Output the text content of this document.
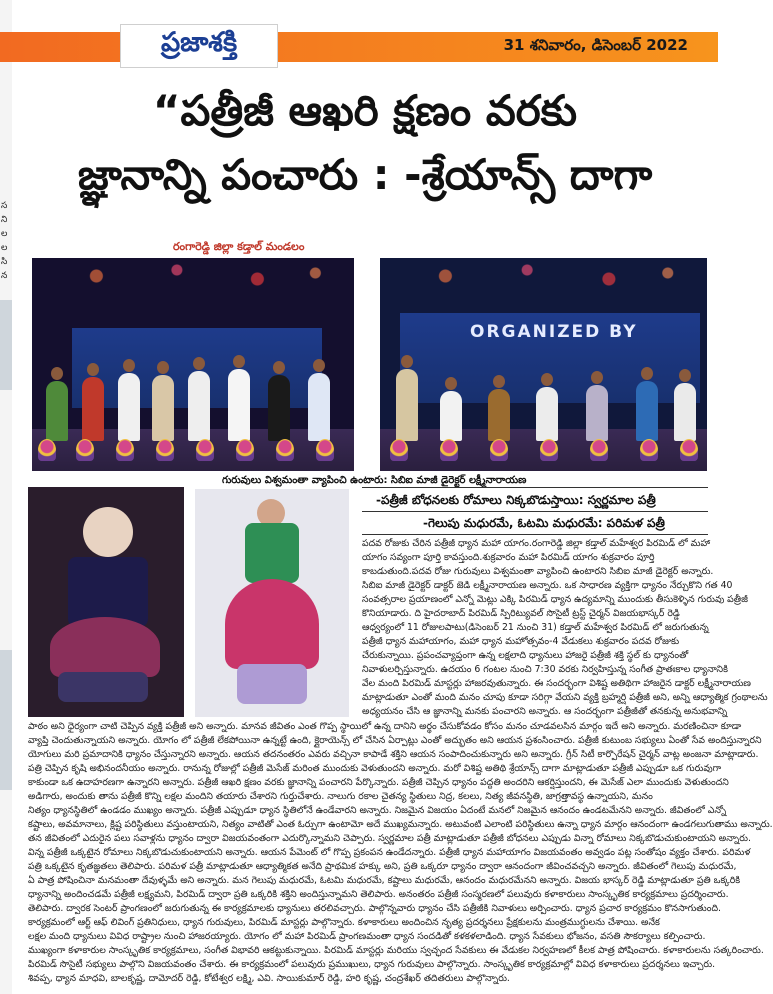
స
ని
ల
ల
సి
న
ప్రజాశక్తి	31 శనివారం, డిసెంబర్ 2022
“పత్రీజీ ఆఖరి క్షణం వరకు
జ్ఞానాన్ని పంచారు : -శ్రేయాన్స్ దాగా
రంగారెడ్డి జిల్లా కడ్తాల్ మండలం
ORGANIZED BY
గురువులు విశ్వమంతా వ్యాపించి ఉంటారు: సిబిఐ మాజీ డైరెక్టర్ లక్ష్మీనారాయణ
-పత్రీజీ బోధనలకు రోమాలు నిక్కబొడుస్తాయి: స్వర్ణమాల పత్రీ
-గెలుపు మధురమే, ఓటమి మధురమే: పరిమళ పత్రీ
పదవ రోజుకు చేరిన పత్రీజీ ధ్యాన మహా యాగం.రంగారెడ్డి జిల్లా కడ్తాల్ మహేశ్వర పిరమిడ్ లో మహా
యాగం సవ్యంగా పూర్తి కావస్తుంది.శుక్రవారం మహా పిరమిడ్ యాగం శుక్రవారం పూర్తి
కాబడుతుంది.పదవ రోజు గురువులు విశ్వమంతా వ్యాపించి ఉంటారని సిబిఐ మాజీ డైరెక్టర్ అన్నారు.
సిబిఐ మాజీ డైరెక్టర్ డాక్టర్ జెడి లక్ష్మీనారాయణ అన్నారు. ఒక సాధారణ వ్యక్తిగా ధ్యానం నేర్చుకొని గత 40
సంవత్సరాల ప్రయాణంలో ఎన్నో మెట్లు ఎక్కి పిరమిడ్ ధ్యాన ఉద్యమాన్ని ముందుకు తీసుకెళ్ళిన గురువు పత్రీజీ
కొనియాడారు. ది హైదరాబాద్ పిరమిడ్ స్పిరిట్యువల్ సొసైటీ ట్రస్ట్ చైర్మన్ విజయభాస్కర్ రెడ్డి
ఆధ్వర్యంలో 11 రోజులపాటు(డిసెంబర్ 21 నుంచి 31) కడ్తాల్ మహేశ్వర పిరమిడ్ లో జరుగుతున్న
పత్రీజీ ధ్యాన మహాయాగం, మహా ధ్యాన మహోత్సవం-4 వేడుకలు శుక్రవారం పదవ రోజుకు
చేరుకున్నాయి. ప్రపంచవ్యాప్తంగా ఉన్న లక్షలాది ధ్యానులు హాజరై పత్రీజీ శక్తి స్థల్ కు ధ్యానంతో
నివాళులర్పిస్తున్నారు. ఉదయం 6 గంటల నుంచి 7:30 వరకు నిర్వహిస్తున్న సంగీత ప్రాతఃకాల ధ్యానానికి
వేల మంది పిరమిడ్ మాస్టర్లు హాజరవుతున్నారు. ఈ సందర్భంగా విశిష్ట అతిథిగా హాజరైన డాక్టర్ లక్ష్మీనారాయణ
మాట్లాడుతూ ఎంతో మంది మనం చూపు కూడా సరిగ్గా వేయని వ్యక్తి బ్రహ్మర్షి పత్రీజీ అని, అన్ని ఆధ్యాత్మిక గ్రంథాలను
అధ్యయనం చేసి ఆ జ్ఞానాన్ని మనకు పంచారని అన్నారు. ఆ సందర్భంగా పత్రీజీతో తనకున్న అనుభవాన్ని
పాఠం అని ధైర్యంగా చాటి చెప్పిన వ్యక్తి పత్రీజీ అని అన్నారు. మానవ జీవితం ఎంత గొప్ప స్థాయిలో ఉన్న దానిని అర్థం చేసుకోవడం కోసం మనం చూడవలసిన మార్గం ఇదే అని అన్నారు. మరణించినా కూడా
వ్యాప్తి చెందుతున్నాయని అన్నారు. యోగం లో పత్రీజీ లేకపోయినా ఉన్నట్టే ఉంది, క్లైరాయెన్స్ లో చేసిన ఏర్పాట్లు ఎంతో అద్భుతం అని ఆయన ప్రశంసించారు. పత్రీజీ కుటుంబ సభ్యులు ఏంతో సేవ అందిస్తున్నారని
యోగులు మరి ప్రమాదానికి ధ్యానం చేస్తున్నారని అన్నారు. ఆయన తదనంతరం ఎవరు వచ్చినా కాపాడే శక్తిని ఆయన సంపాదించుకున్నారు అని అన్నారు. గ్రీన్ సిటీ కార్పొరేషన్ చైర్మన్ వాట్ల అంజనా మాట్లాడారు.
పత్రి చెప్పిన కృషి అభినందనీయం అన్నారు. రానున్న రోజుల్లో పత్రీజీ మెసేజ్ మరింత ముందుకు వెళుతుందని అన్నారు. మరో విశిష్ట అతిథి శ్రేయాన్స్ దాగా మాట్లాడుతూ పత్రీజీ ఎప్పుడూ ఒక గురువుగా
కాకుండా ఒక ఉదాహరణగా ఉన్నారని అన్నారు. పత్రీజీ ఆఖరి క్షణం వరకు జ్ఞానాన్ని పంచారని పేర్కొన్నారు. పత్రీజీ చెప్పిన ధ్యానం పద్దతి అందరిని ఆకర్షిస్తుందని, ఈ మెసేజ్ ఎలా ముందుకు వెళుతుందని
అడిగారు, అందుకు తాను పత్రీజీ కొన్ని లక్షల మందిని తయారు చేశారని గుర్తుచేశారు. నాలుగు రకాల చైతన్య స్థితులు నిద్ర, కలలు, నిత్య జీవనస్థితి, జాగ్రత్తావస్థ ఉన్నాయని, మనం
నిత్యం ధ్యానస్థితిలో ఉండడం ముఖ్యం అన్నారు. పత్రీజీ ఎప్పుడూ ధ్యాన స్థితిలోనే ఉండేవారని అన్నారు. నిజమైన విజయం ఏదంటే మనలో నిజమైన ఆనందం ఉండటమేనని అన్నారు. జీవితంలో ఎన్నో
కష్టాలు, అవమానాలు, క్లిష్ట పరిస్థితులు వస్తుంటాయని, నిత్యం వాటితో ఎంత ఓర్పుగా ఉంటామో అదే ముఖ్యమన్నారు. అటువంటి ఎలాంటి పరిస్థితులు ఉన్నా ధ్యాన మార్గం ఆనందంగా ఉండగలుగుతాము అన్నారు.
తన జీవితంలో ఎదురైన పలు సవాళ్లను ధ్యానం ద్వారా విజయవంతంగా ఎదుర్కొన్నామని చెప్పారు. స్వర్ణమాల పత్రీ మాట్లాడుతూ పత్రీజీ బోధనలు ఎప్పుడు విన్నా రోమాలు నిక్కబొడుచుకుంటాయని అన్నారు.
విన్న పత్రీజీ ఒక్కటైన రోమాలు నిక్కబొడుచుకుంటాయని అన్నారు. ఆయన పేమెంట్ లో గొప్ప ప్రకంపన ఉండేదన్నారు. పత్రీజీ ధ్యాన మహాయాగం విజయవంతం అవ్వడం పట్ల సంతోషం వ్యక్తం చేశారు. పరిమళ
పత్రి ఒక్కటైన కృతజ్ఞతలు తెలిపారు. పరిమళ పత్రీ మాట్లాడుతూ ఆధ్యాత్మికత అనేది ప్రాథమిక హక్కు అని, ప్రతి ఒక్కరూ ధ్యానం ద్వారా ఆనందంగా జీవించవచ్చని అన్నారు. జీవితంలో గెలుపు మధురమే,
ఏ పాత్ర పోషించినా మనమంతా దేవుళ్ళమే అని అన్నారు. మన గెలుపు మధురమే, ఓటమి మధురమే, కష్టాలు మధురమే, ఆనందం మధురమేనని అన్నారు. విజయ భాస్కర్ రెడ్డి మాట్లాడుతూ ప్రతి ఒక్కరికి
ధ్యానాన్ని అందించడమే పత్రీజీ లక్ష్యమని, పిరమిడ్ ద్వారా ప్రతి ఒక్కరికి శక్తిని అందిస్తున్నామని తెలిపారు. అనంతరం పత్రీజీ సంస్మరణలో పలువురు కళాకారులు సాంస్కృతిక కార్యక్రమాలు ప్రదర్శించారు.
తెలిపారు. ద్వారక సెంటర్ ప్రాంగణంలో జరుగుతున్న ఈ కార్యక్రమాలకు ధ్యానులు తరలివచ్చారు. పాల్గొన్నవారు ధ్యానం చేసి పత్రీజీకి నివాళులు అర్పించారు. ధ్యాన ప్రచార కార్యక్రమం కొనసాగుతుంది.
కార్యక్రమంలో ఆర్ట్ ఆఫ్ లివింగ్ ప్రతినిధులు, ధ్యాన గురువులు, పిరమిడ్ మాస్టర్లు పాల్గొన్నారు. కళాకారులు అందించిన నృత్య ప్రదర్శనలు ప్రేక్షకులను మంత్రముగ్ధులను చేశాయి. అనేక
లక్షల మంది ధ్యానులు వివిధ రాష్ట్రాల నుంచి హాజరయ్యారు. యోగం లో మహా పిరమిడ్ ప్రాంగణమంతా ధ్యాన సందడితో కళకళలాడింది. ధ్యాన సేవకులు భోజనం, వసతి సౌకర్యాలు కల్పించారు.
ముఖ్యంగా కళాకారుల సాంస్కృతిక కార్యక్రమాలు, సంగీత విభావరి ఆకట్టుకున్నాయి. పిరమిడ్ మాస్టర్లు మరియు స్వచ్ఛంద సేవకులు ఈ వేడుకల నిర్వహణలో కీలక పాత్ర పోషించారు. కళాకారులను సత్కరించారు.
పిరమిడ్ సొసైటీ సభ్యులు పాల్గొని విజయవంతం చేశారు. ఈ కార్యక్రమంలో పలువురు ప్రముఖులు, ధ్యాన గురువులు పాల్గొన్నారు. సాంస్కృతిక కార్యక్రమాల్లో వివిధ కళాకారులు ప్రదర్శనలు ఇచ్చారు.
శివప్ప, ధ్యాన మాధవి, బాలకృష్ణ, దామోదర్ రెడ్డి, కోటేశ్వర లక్ష్మి, ఎవి. సాయికుమార్ రెడ్డి, హరి కృష్ణ, చంద్రశేఖర్ తదితరులు పాల్గొన్నారు.
